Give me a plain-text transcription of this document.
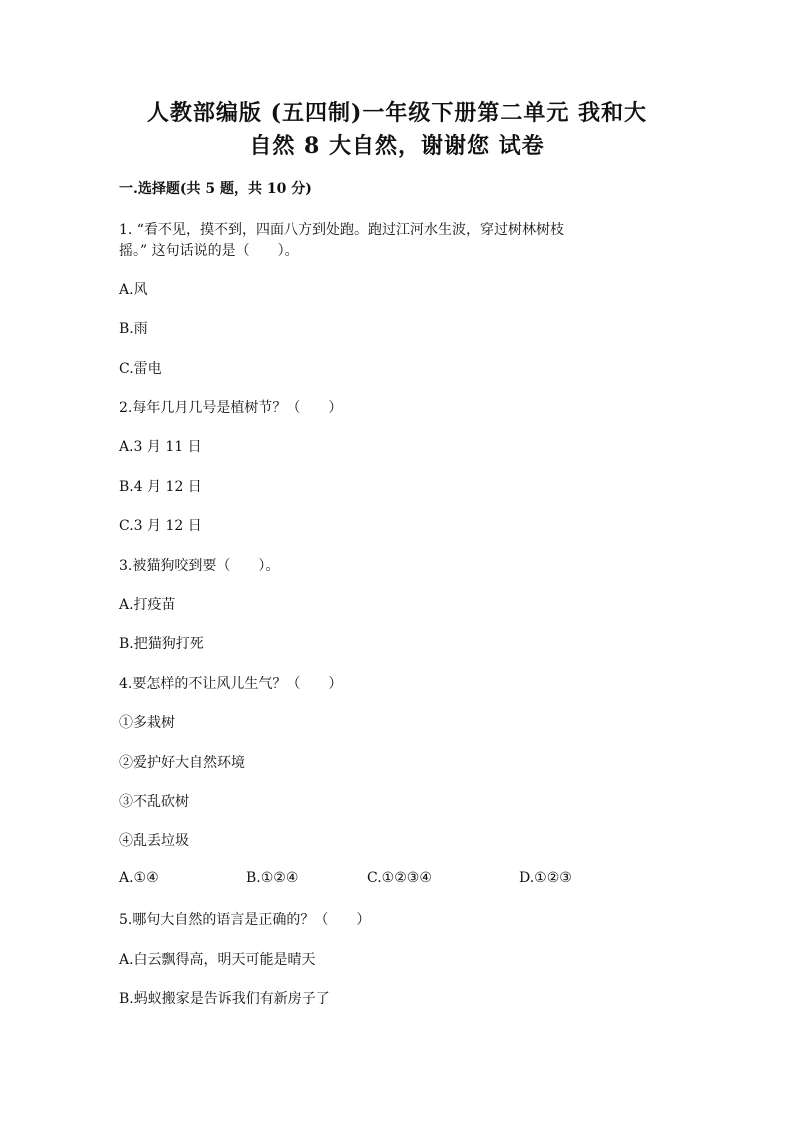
人教部编版 (五四制)一年级下册第二单元 我和大
自然 8 大自然，谢谢您 试卷
一.选择题(共 5 题，共 10 分)
1. “看不见，摸不到，四面八方到处跑。跑过江河水生波，穿过树林树枝
摇。” 这句话说的是（　　）。
A.风
B.雨
C.雷电
2.每年几月几号是植树节？（　　）
A.3 月 11 日
B.4 月 12 日
C.3 月 12 日
3.被猫狗咬到要（　　）。
A.打疫苗
B.把猫狗打死
4.要怎样的不让风儿生气？（　　）
①多栽树
②爱护好大自然环境
③不乱砍树
④乱丢垃圾
A.①④	B.①②④	C.①②③④	D.①②③
5.哪句大自然的语言是正确的？（　　）
A.白云飘得高，明天可能是晴天
B.蚂蚁搬家是告诉我们有新房子了
